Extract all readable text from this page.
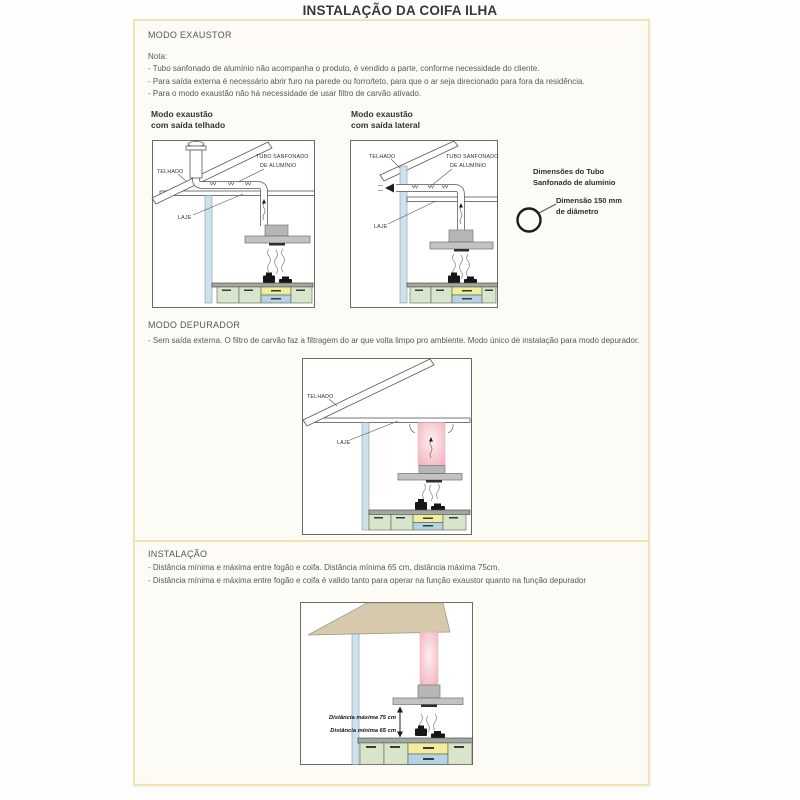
INSTALAÇÃO DA COIFA ILHA
MODO EXAUSTOR
Nota:
- Tubo sanfonado de alumínio não acompanha o produto, é vendido a parte, conforme necessidade do cliente.
- Para saída externa é necessário abrir furo na parede ou forro/teto, para que o ar seja direcionado para fora da residência.
- Para o modo exaustão não há necessidade de usar filtro de carvão ativado.
Modo exaustão
com saída telhado
Modo exaustão
com saída lateral
TELHADO
TUBO SANFONADO
DE ALUMÍNIO
LAJE
TELHADO	TUBO SANFONADO
DE ALUMÍNIO
LAJE
Dimensões do Tubo
Sanfonado de alumínio
Dimensão 150 mm
de diâmetro
MODO DEPURADOR
- Sem saída externa. O filtro de carvão faz a filtragem do ar que volta limpo pro ambiente. Modo único de instalação para modo depurador.
TELHADO
LAJE
INSTALAÇÃO
- Distância mínima e máxima entre fogão e coifa. Distância mínima 65 cm, distância máxima 75cm.
- Distância mínima e máxima entre fogão e coifa é valido tanto para operar na função exaustor quanto na função depurador
Distância máxima 75 cm
Distância mínima 65 cm
